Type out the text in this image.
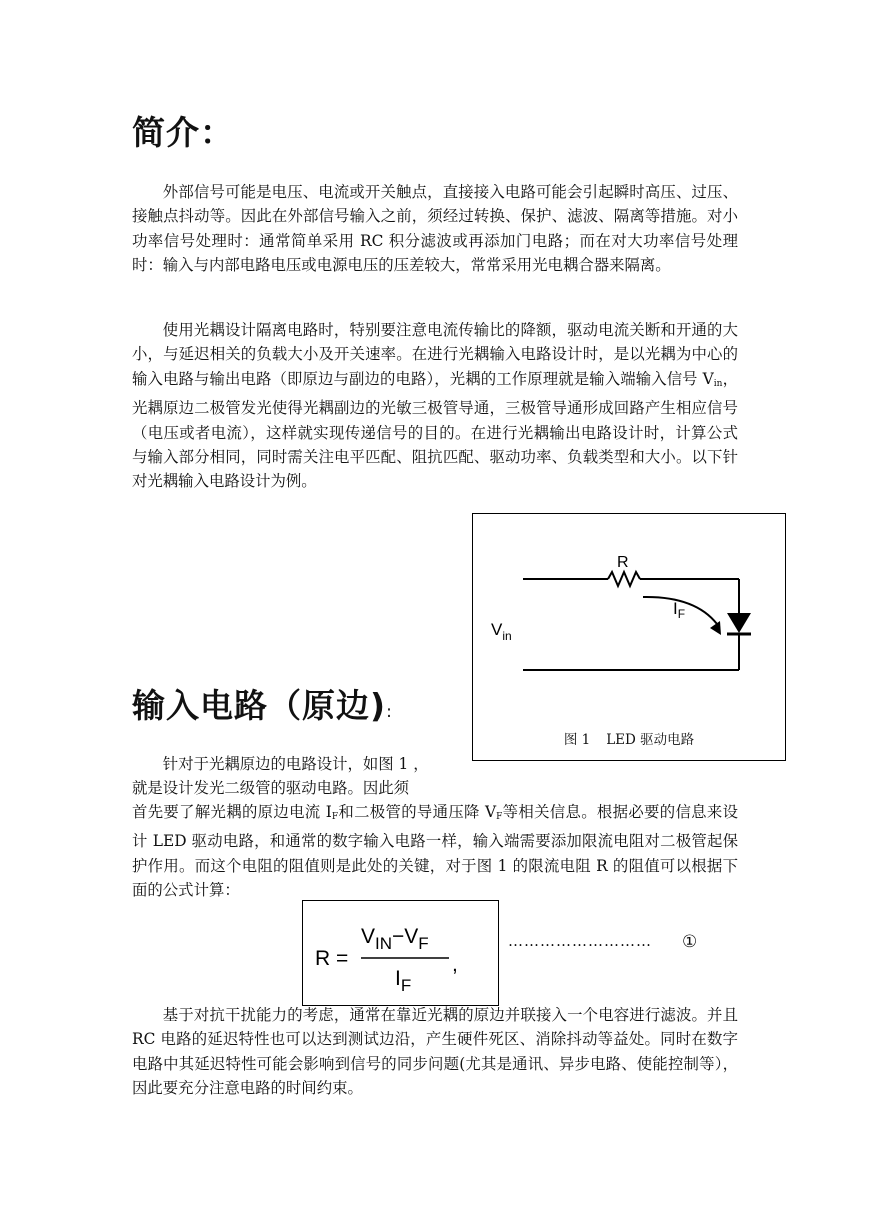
简介：

外部信号可能是电压、电流或开关触点，直接接入电路可能会引起瞬时高压、过压、接触点抖动等。因此在外部信号输入之前，须经过转换、保护、滤波、隔离等措施。对小功率信号处理时：通常简单采用 RC 积分滤波或再添加门电路；而在对大功率信号处理时：输入与内部电路电压或电源电压的压差较大，常常采用光电耦合器来隔离。

使用光耦设计隔离电路时，特别要注意电流传输比的降额，驱动电流关断和开通的大小，与延迟相关的负载大小及开关速率。在进行光耦输入电路设计时，是以光耦为中心的输入电路与输出电路（即原边与副边的电路），光耦的工作原理就是输入端输入信号 $V_{in}$，光耦原边二极管发光使得光耦副边的光敏三极管导通，三极管导通形成回路产生相应信号（电压或者电流），这样就实现传递信号的目的。在进行光耦输出电路设计时，计算公式与输入部分相同，同时需关注电平匹配、阻抗匹配、驱动功率、负载类型和大小。以下针对光耦输入电路设计为例。

R
$I_F$
$V_{in}$
图 1 LED 驱动电路
输入电路（原边):

针对于光耦原边的电路设计，如图 1 ，

就是设计发光二级管的驱动电路。因此须

首先要了解光耦的原边电流 $I_F$和二极管的导通压降 $V_F$等相关信息。根据必要的信息来设计 LED 驱动电路，和通常的数字输入电路一样，输入端需要添加限流电阻对二极管起保护作用。而这个电阻的阻值则是此处的关键，对于图 1 的限流电阻 R 的阻值可以根据下面的公式计算：

R =
$V_{IN}-V_F$
$I_F$
,
……………………… ①

基于对抗干扰能力的考虑，通常在靠近光耦的原边并联接入一个电容进行滤波。并且 RC 电路的延迟特性也可以达到测试边沿，产生硬件死区、消除抖动等益处。同时在数字电路中其延迟特性可能会影响到信号的同步问题(尤其是通讯、异步电路、使能控制等），因此要充分注意电路的时间约束。
